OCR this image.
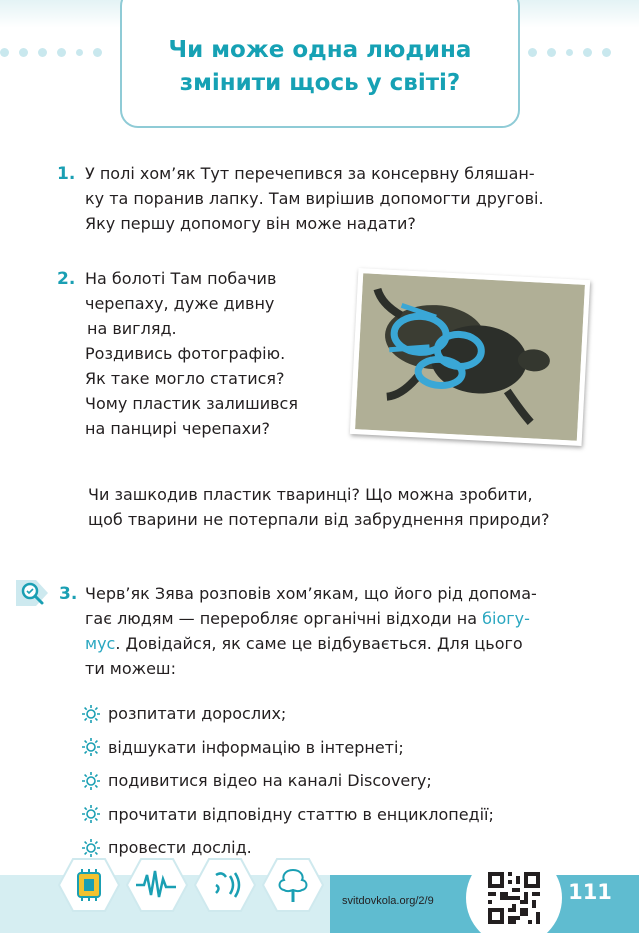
Чи може одна людина
змінити щось у світі?
1. У полі хом’як Тут перечепився за консервну бляшан-
ку та поранив лапку. Там вирішив допомогти другові.
Яку першу допомогу він може надати?
2. На болоті Там побачив
черепаху, дуже дивну
на вигляд.
Роздивись фотографію.
Як таке могло статися?
Чому пластик залишився
на панцирі черепахи?
Чи зашкодив пластик тваринці? Що можна зробити,
щоб тварини не потерпали від забруднення природи?
3. Черв’як Зява розповів хом’якам, що його рід допома-
гає людям — переробляє органічні відходи на біогу-
мус. Довідайся, як саме це відбувається. Для цього
ти можеш:
розпитати дорослих;
відшукати інформацію в інтернеті;
подивитися відео на каналі Discovery;
прочитати відповідну статтю в енциклопедії;
провести дослід.
svitdovkola.org/2/9	111
